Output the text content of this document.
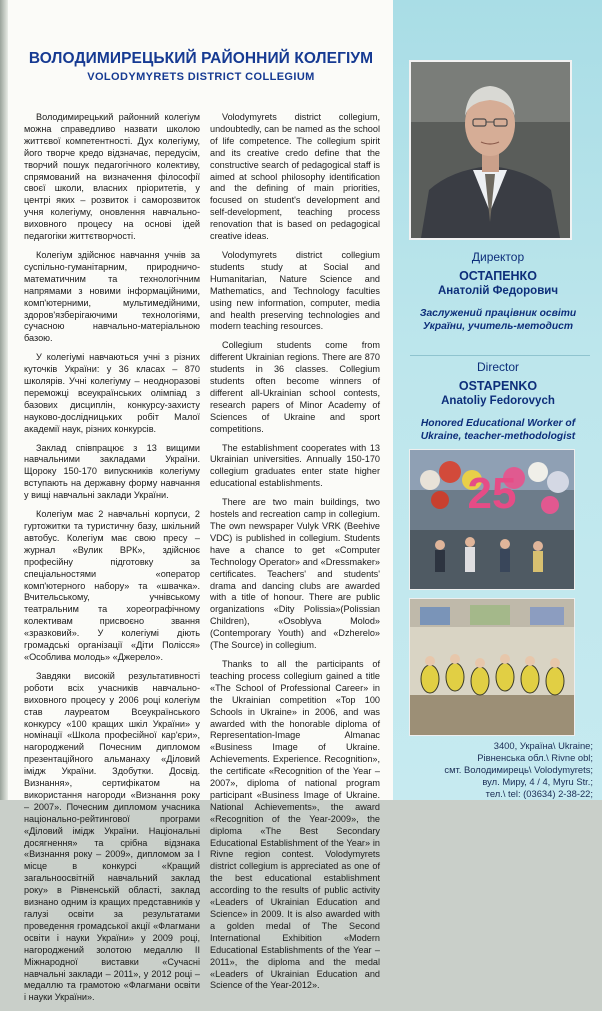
ВОЛОДИМИРЕЦЬКИЙ РАЙОННИЙ КОЛЕГІУМ
VOLODYMYRETS DISTRICT COLLEGIUM

Володимирецький районний колегіум можна справедливо назвати школою життєвої компетентності. Дух колегіуму, його творче кредо відзначає, передусім, творчий пошук педагогічного колективу, спрямований на визначення філософії своєї школи, власних пріоритетів, у центрі яких – розвиток і саморозвиток учня колегіуму, оновлення навчально-виховного процесу на основі ідей педагогіки життєтворчості.

Колегіум здійснює навчання учнів за суспільно-гуманітарним, природничо-математичним та технологічним напрямами з новими інформаційними, комп'ютерними, мультимедійними, здоров'язберігаючими технологіями, сучасною навчально-матеріальною базою.

У колегіумі навчаються учні з різних куточків України: у 36 класах – 870 школярів. Учні колегіуму – неодноразові переможці всеукраїнських олімпіад з базових дисциплін, конкурсу-захисту науково-дослідницьких робіт Малої академії наук, різних конкурсів.

Заклад співпрацює з 13 вищими навчальними закладами України. Щороку 150-170 випускників колегіуму вступають на державну форму навчання у вищі навчальні заклади України.

Колегіум має 2 навчальні корпуси, 2 гуртожитки та туристичну базу, шкільний автобус. Колегіум має свою пресу – журнал «Вулик ВРК», здійснює професійну підготовку за спеціальностями «оператор комп'ютерного набору» та «швачка». Вчительському, учнівському театральним та хореографічному колективам присвоєно звання «зразковий». У колегіумі діють громадські організації «Діти Полісся» «Особлива молодь» «Джерело».

Завдяки високій результативності роботи всіх учасників навчально-виховного процесу у 2006 році колегіум став лауреатом Всеукраїнського конкурсу «100 кращих шкіл України» у номінації «Школа професійної кар'єри», нагороджений Почесним дипломом презентаційного альманаху «Діловий імідж України. Здобутки. Досвід. Визнання», сертифікатом на використання нагороди «Визнання року – 2007». Почесним дипломом учасника національно-рейтингової програми «Діловий імідж України. Національні досягнення» та срібна відзнака «Визнання року – 2009», дипломом за І місце в конкурсі «Кращий загальноосвітній навчальний заклад року» в Рівненській області, заклад визнано одним із кращих представників у галузі освіти за результатами проведення громадської акції «Флагмани освіти і науки України» у 2009 році, нагороджений золотою медаллю ІІ Міжнародної виставки «Сучасні навчальні заклади – 2011», у 2012 році – медаллю та грамотою «Флагмани освіти і науки України».

Volodymyrets district collegium, undoubtedly, can be named as the school of life competence. The collegium spirit and its creative credo define that the constructive search of pedagogical staff is aimed at school philosophy identification and the defining of main priorities, focused on student's development and self-development, teaching process renovation that is based on pedagogical creative ideas.

Volodymyrets district collegium students study at Social and Humanitarian, Nature Science and Mathematics, and Technology faculties using new information, computer, media and health preserving technologies and modern teaching resources.

Collegium students come from different Ukrainian regions. There are 870 students in 36 classes. Collegium students often become winners of different all-Ukrainian school contests, research papers of Minor Academy of Sciences of Ukraine and sport competitions.

The establishment cooperates with 13 Ukrainian universities. Annually 150-170 collegium graduates enter state higher educational establishments.

There are two main buildings, two hostels and recreation camp in collegium. The own newspaper Vulyk VRK (Beehive VDC) is published in collegium. Students have a chance to get «Computer Technology Operator» and «Dressmaker» certificates. Teachers' and students' drama and dancing clubs are awarded with a title of honour. There are public organizations «Dity Polissia»(Polissian Children), «Osoblyva Molod» (Contemporary Youth) and «Dzherelo» (The Source) in collegium.

Thanks to all the participants of teaching process collegium gained a title «The School of Professional Career» in the Ukrainian competition «Top 100 Schools in Ukraine» in 2006, and was awarded with the honorable diploma of Representation-Image Almanac «Business Image of Ukraine. Achievements. Experience. Recognition», the certificate «Recognition of the Year – 2007», diploma of national program participant «Business Image of Ukraine. National Achievements», the award «Recognition of the Year-2009», the diploma «The Best Secondary Educational Establishment of the Year» in Rivne region contest. Volodymyrets district collegium is appreciated as one of the best educational establishment according to the results of public activity «Leaders of Ukrainian Education and Science» in 2009. It is also awarded with a golden medal of The Second International Exhibition «Modern Educational Establishments of the Year – 2011», the diploma and the medal «Leaders of Ukrainian Education and Science of the Year-2012».

Директор
ОСТАПЕНКО
Анатолій Федорович
Заслужений працівник освіти України, учитель-методист
Director
OSTAPENKO
Anatoliy Fedorovych
Honored Educational Worker of Ukraine, teacher-methodologist
25
3400, Україна\ Ukraine;
Рівненська обл.\ Rivne obl;
смт. Володимирець\ Volodymyrets;
вул. Миру, 4 / 4, Myru Str.;
тел.\ tel: (03634) 2-38-22;
